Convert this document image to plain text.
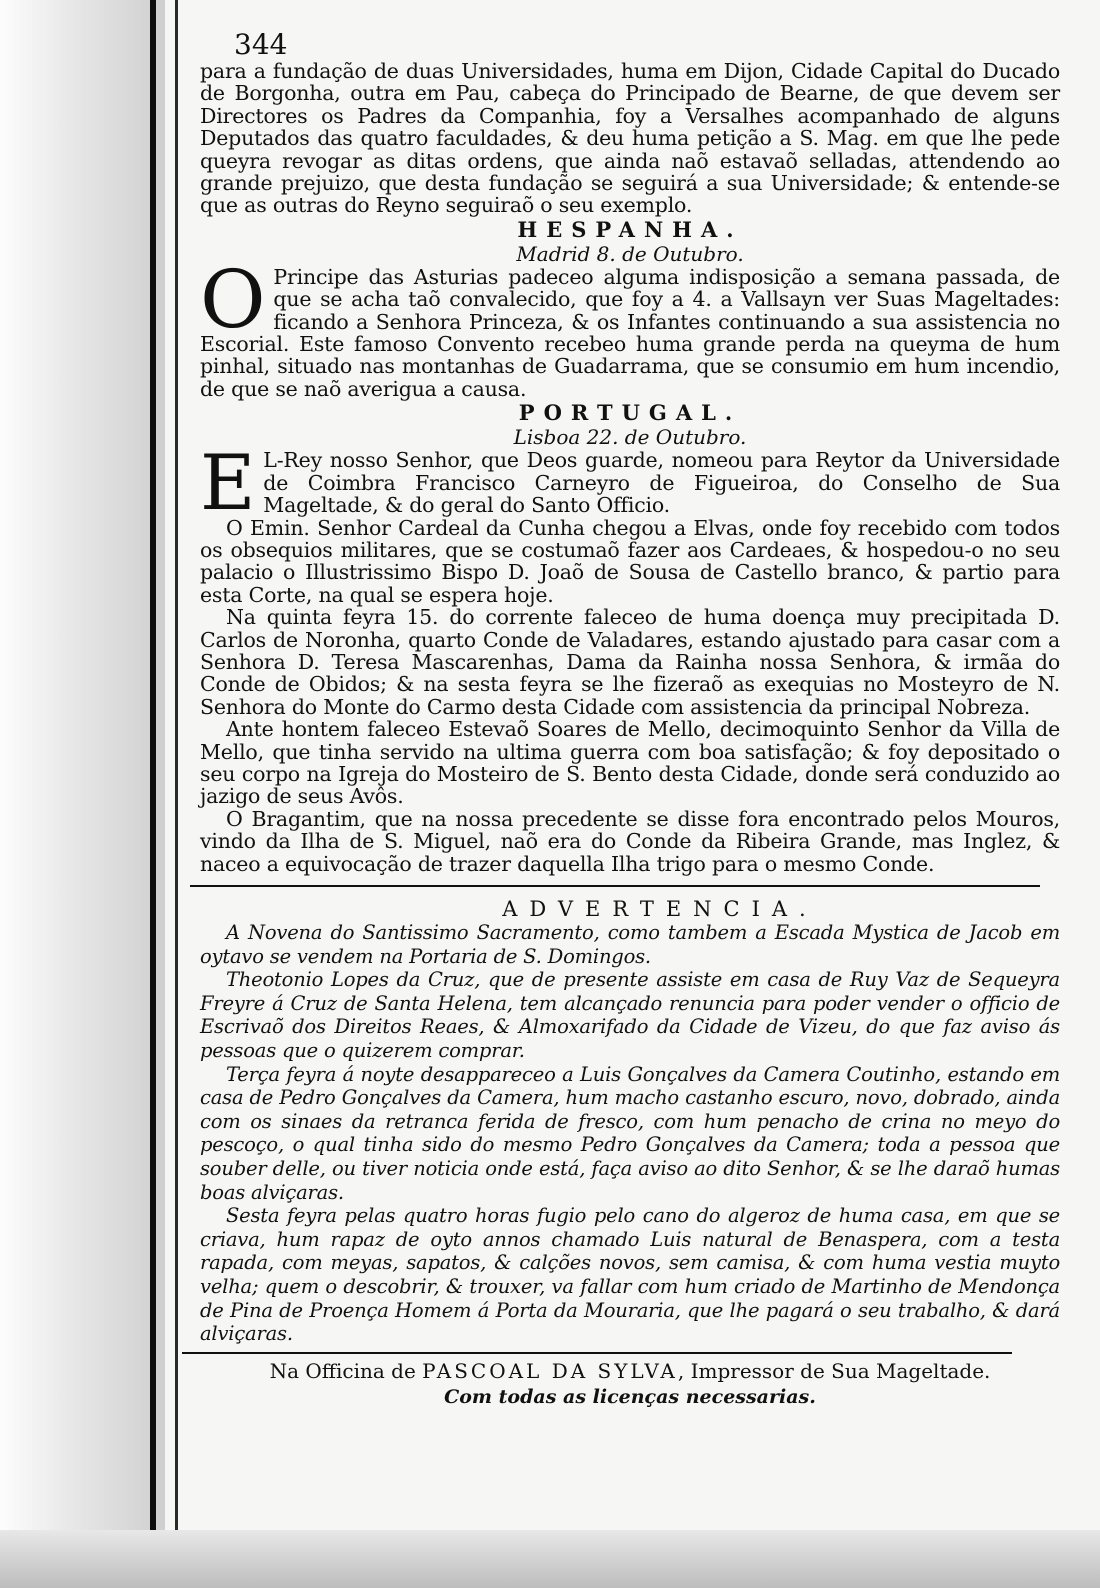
344

para a fundação de duas Universidades, huma em Dijon, Cidade Capital do Ducado de Borgonha, outra em Pau, cabeça do Principado de Bearne, de que devem ser Directores os Padres da Companhia, foy a Versalhes acompanhado de alguns Deputados das quatro faculdades, & deu huma petição a S. Mag. em que lhe pede queyra revogar as ditas ordens, que ainda naõ estavaõ selladas, attendendo ao grande prejuizo, que desta fundação se seguirá a sua Universidade; & entende-se que as outras do Reyno seguiraõ o seu exemplo.

HESPANHA.

Madrid 8. de Outubro.

O Principe das Asturias padeceo alguma indisposição a semana passada, de que se acha taõ convalecido, que foy a 4. a Vallsayn ver Suas Mageltades: ficando a Senhora Princeza, & os Infantes continuando a sua assistencia no Escorial. Este famoso Convento recebeo huma grande perda na queyma de hum pinhal, situado nas montanhas de Guadarrama, que se consumio em hum incendio, de que se naõ averigua a causa.

PORTUGAL.

Lisboa 22. de Outubro.

E L-Rey nosso Senhor, que Deos guarde, nomeou para Reytor da Universidade de Coimbra Francisco Carneyro de Figueiroa, do Conselho de Sua Mageltade, & do geral do Santo Officio.

O Emin. Senhor Cardeal da Cunha chegou a Elvas, onde foy recebido com todos os obsequios militares, que se costumaõ fazer aos Cardeaes, & hospedou-o no seu palacio o Illustrissimo Bispo D. Joaõ de Sousa de Castello branco, & partio para esta Corte, na qual se espera hoje.

Na quinta feyra 15. do corrente faleceo de huma doença muy precipitada D. Carlos de Noronha, quarto Conde de Valadares, estando ajustado para casar com a Senhora D. Teresa Mascarenhas, Dama da Rainha nossa Senhora, & irmãa do Conde de Obidos; & na sesta feyra se lhe fizeraõ as exequias no Mosteyro de N. Senhora do Monte do Carmo desta Cidade com assistencia da principal Nobreza.

Ante hontem faleceo Estevaõ Soares de Mello, decimoquinto Senhor da Villa de Mello, que tinha servido na ultima guerra com boa satisfação; & foy depositado o seu corpo na Igreja do Mosteiro de S. Bento desta Cidade, donde será conduzido ao jazigo de seus Avôs.

O Bragantim, que na nossa precedente se disse fora encontrado pelos Mouros, vindo da Ilha de S. Miguel, naõ era do Conde da Ribeira Grande, mas Inglez, & naceo a equivocação de trazer daquella Ilha trigo para o mesmo Conde.

ADVERTENCIA.

A Novena do Santissimo Sacramento, como tambem a Escada Mystica de Jacob em oytavo se vendem na Portaria de S. Domingos.

Theotonio Lopes da Cruz, que de presente assiste em casa de Ruy Vaz de Sequeyra Freyre á Cruz de Santa Helena, tem alcançado renuncia para poder vender o officio de Escrivaõ dos Direitos Reaes, & Almoxarifado da Cidade de Vizeu, do que faz aviso ás pessoas que o quizerem comprar.

Terça feyra á noyte desappareceo a Luis Gonçalves da Camera Coutinho, estando em casa de Pedro Gonçalves da Camera, hum macho castanho escuro, novo, dobrado, ainda com os sinaes da retranca ferida de fresco, com hum penacho de crina no meyo do pescoço, o qual tinha sido do mesmo Pedro Gonçalves da Camera; toda a pessoa que souber delle, ou tiver noticia onde está, faça aviso ao dito Senhor, & se lhe daraõ humas boas alviçaras.

Sesta feyra pelas quatro horas fugio pelo cano do algeroz de huma casa, em que se criava, hum rapaz de oyto annos chamado Luis natural de Benaspera, com a testa rapada, com meyas, sapatos, & calções novos, sem camisa, & com huma vestia muyto velha; quem o descobrir, & trouxer, va fallar com hum criado de Martinho de Mendonça de Pina de Proença Homem á Porta da Mouraria, que lhe pagará o seu trabalho, & dará alviçaras.

Na Officina de PASCOAL DA SYLVA, Impressor de Sua Mageltade.

Com todas as licenças necessarias.
